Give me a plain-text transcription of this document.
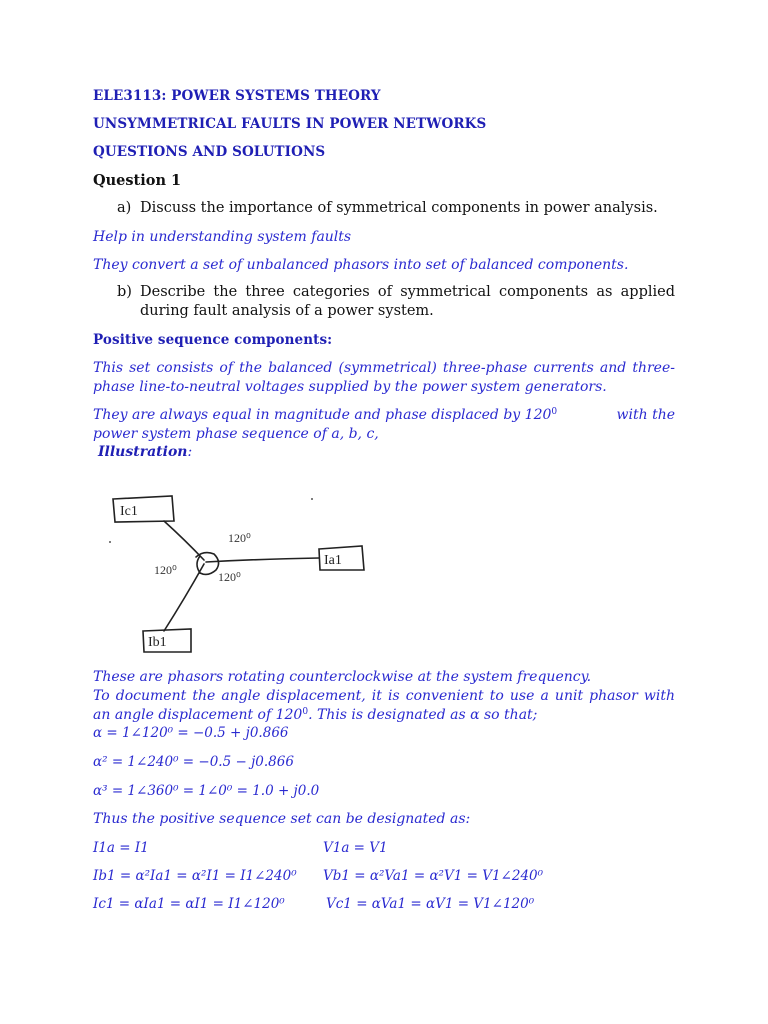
ELE3113: POWER SYSTEMS THEORY
UNSYMMETRICAL FAULTS IN POWER NETWORKS
QUESTIONS AND SOLUTIONS
Question 1
a) Discuss the importance of symmetrical components in power analysis.
Help in understanding system faults
They convert a set of unbalanced phasors into set of balanced components.
b) Describe the three categories of symmetrical components as applied
during fault analysis of a power system.
Positive sequence components:
This set consists of the balanced (symmetrical) three-phase currents and three-
phase line-to-neutral voltages supplied by the power system generators.
They are always equal in magnitude and phase displaced by $120^0$	with the
power system phase sequence of a, b, c,
Illustration:
Ic1
Ia1
Ib1
120⁰
120⁰	120⁰
These are phasors rotating counterclockwise at the system frequency.
To document the angle displacement, it is convenient to use a unit phasor with
an angle displacement of $120^0$. This is designated as α so that;
α = 1∠120⁰ = −0.5 + j0.866
α² = 1∠240⁰ = −0.5 − j0.866
α³ = 1∠360⁰ = 1∠0⁰ = 1.0 + j0.0
Thus the positive sequence set can be designated as:
I1a = I1
Ib1 = α²Ia1 = α²I1 = I1∠240⁰
Ic1 = αIa1 = αI1 = I1∠120⁰
V1a = V1
Vb1 = α²Va1 = α²V1 = V1∠240⁰
Vc1 = αVa1 = αV1 = V1∠120⁰
